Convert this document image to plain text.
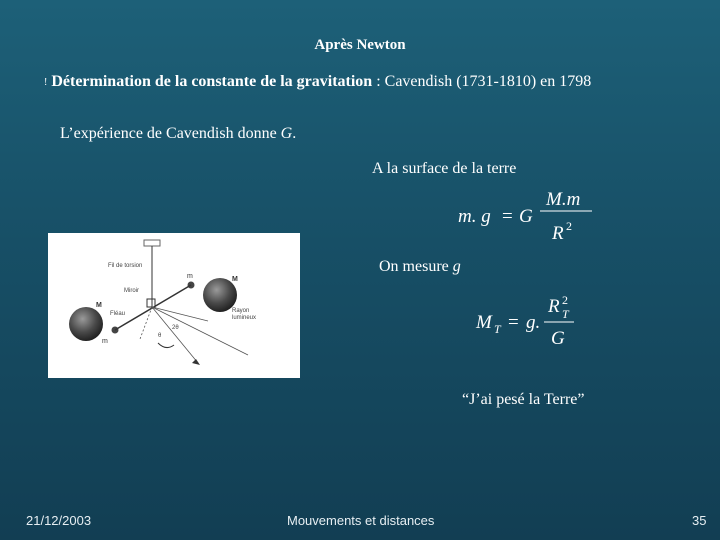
Après Newton
! Détermination de la constante de la gravitation : Cavendish (1731-1810) en 1798
L’expérience de Cavendish donne G.
A la surface de la terre
m. g = G
M.m
R 2
On mesure g
M T = g.
R T
2
G
Fil de torsion
Miroir
Fléau	Rayon
lumineux
M
M
m
m
2θ
θ
“J’ai pesé la Terre”
21/12/2003	Mouvements et distances	35
